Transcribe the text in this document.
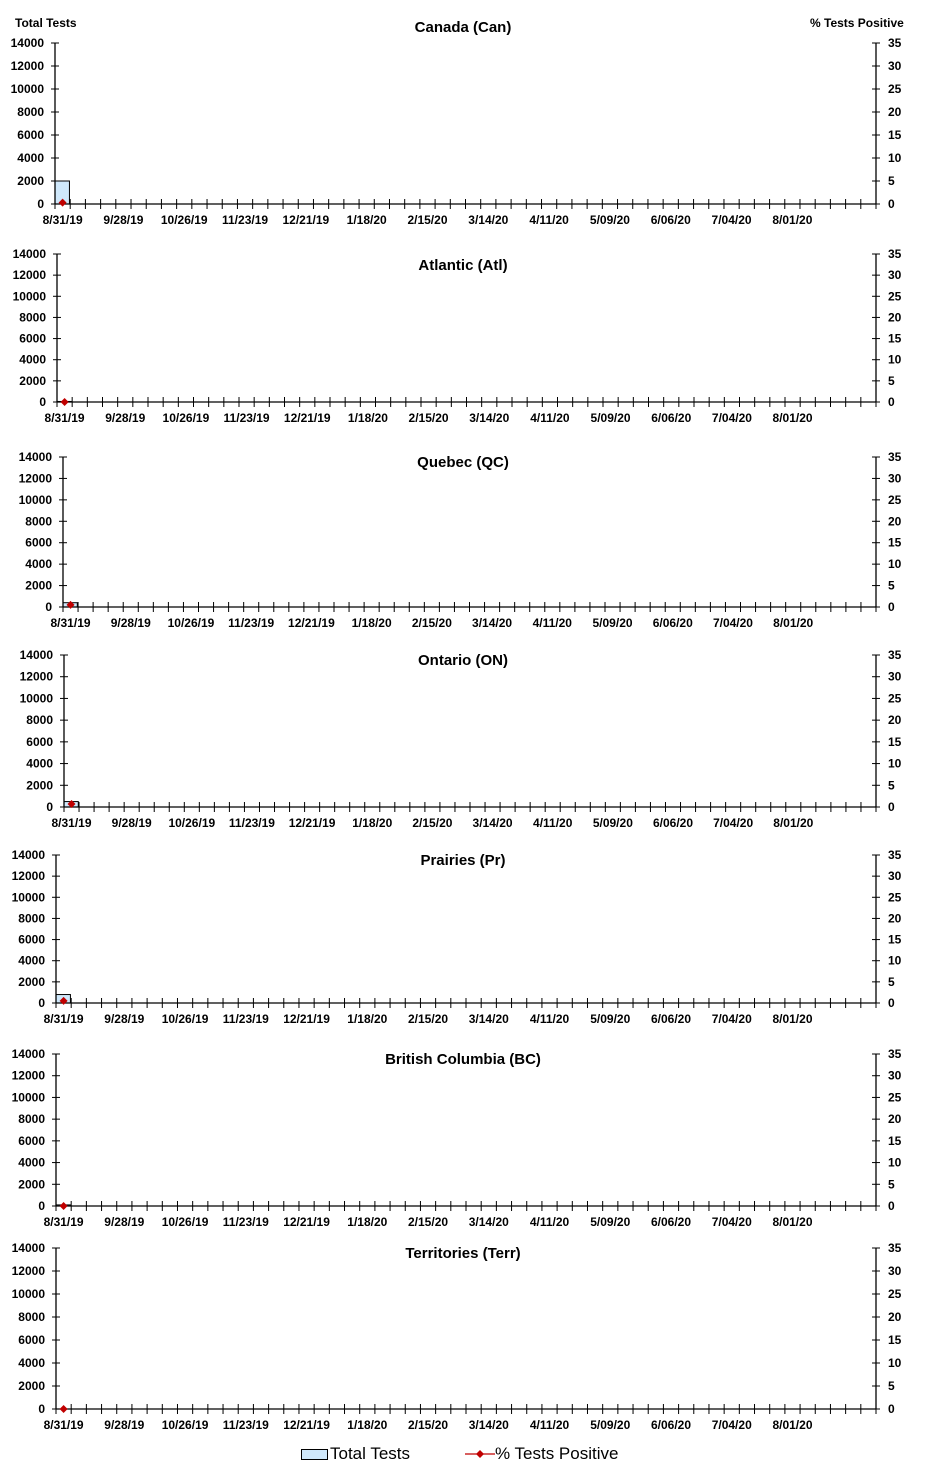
Total Tests	% Tests Positive
Canada (Can)
0
2000
4000
6000
8000
10000
12000
14000
0
5
10
15
20
25
30
35
8/31/19 9/28/19 10/26/19 11/23/19 12/21/19 1/18/20 2/15/20 3/14/20 4/11/20 5/09/20 6/06/20 7/04/20 8/01/20
Atlantic (Atl)
0
2000
4000
6000
8000
10000
12000
14000
0
5
10
15
20
25
30
35
8/31/19 9/28/19 10/26/19 11/23/19 12/21/19 1/18/20 2/15/20 3/14/20 4/11/20 5/09/20 6/06/20 7/04/20 8/01/20
Quebec (QC)
0
2000
4000
6000
8000
10000
12000
14000
0
5
10
15
20
25
30
35
8/31/19 9/28/19 10/26/19 11/23/19 12/21/19 1/18/20 2/15/20 3/14/20 4/11/20 5/09/20 6/06/20 7/04/20 8/01/20
Ontario (ON)
0
2000
4000
6000
8000
10000
12000
14000
0
5
10
15
20
25
30
35
8/31/19 9/28/19 10/26/19 11/23/19 12/21/19 1/18/20 2/15/20 3/14/20 4/11/20 5/09/20 6/06/20 7/04/20 8/01/20
Prairies (Pr)
0
2000
4000
6000
8000
10000
12000
14000
0
5
10
15
20
25
30
35
8/31/19 9/28/19 10/26/19 11/23/19 12/21/19 1/18/20 2/15/20 3/14/20 4/11/20 5/09/20 6/06/20 7/04/20 8/01/20
British Columbia (BC)
0
2000
4000
6000
8000
10000
12000
14000
0
5
10
15
20
25
30
35
8/31/19 9/28/19 10/26/19 11/23/19 12/21/19 1/18/20 2/15/20 3/14/20 4/11/20 5/09/20 6/06/20 7/04/20 8/01/20
Territories (Terr)
0
2000
4000
6000
8000
10000
12000
14000
0
5
10
15
20
25
30
35
8/31/19 9/28/19 10/26/19 11/23/19 12/21/19 1/18/20 2/15/20 3/14/20 4/11/20 5/09/20 6/06/20 7/04/20 8/01/20
Total Tests	% Tests Positive
